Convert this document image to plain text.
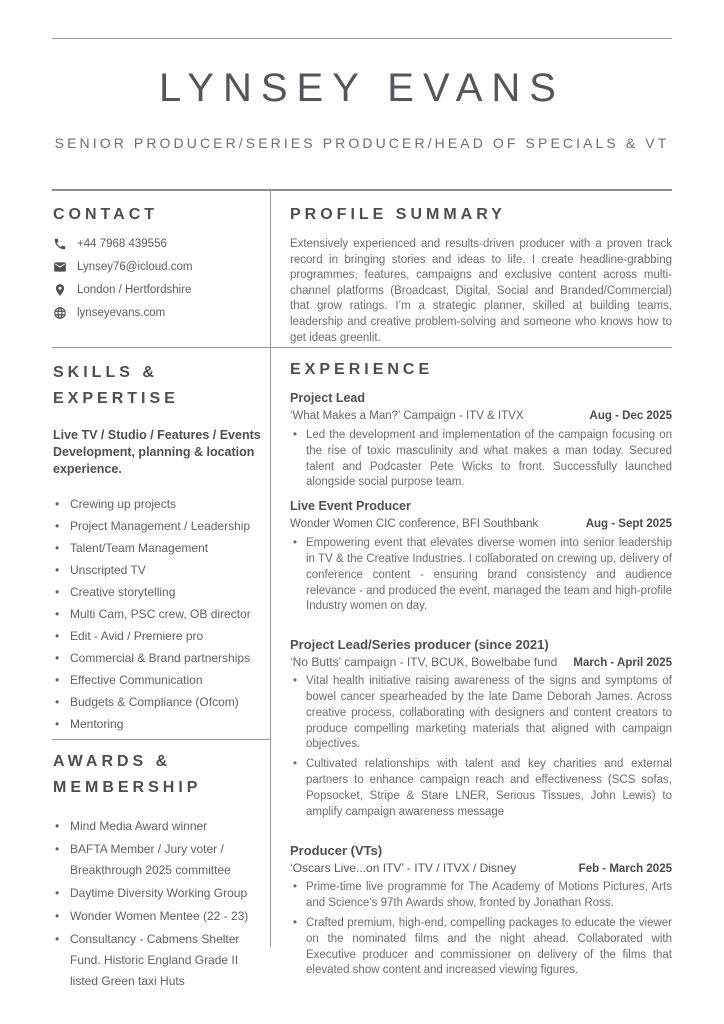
LYNSEY EVANS
SENIOR PRODUCER/SERIES PRODUCER/HEAD OF SPECIALS & VT
CONTACT
+44 7968 439556
Lynsey76@icloud.com
London / Hertfordshire
lynseyevans.com
SKILLS & EXPERTISE

Live TV / Studio / Features / Events Development, planning & location experience.

• Crewing up projects
• Project Management / Leadership
• Talent/Team Management
• Unscripted TV
• Creative storytelling
• Multi Cam, PSC crew, OB director
• Edit - Avid / Premiere pro
• Commercial & Brand partnerships
• Effective Communication
• Budgets & Compliance (Ofcom)
• Mentoring
AWARDS & MEMBERSHIP
• Mind Media Award winner
• BAFTA Member / Jury voter / Breakthrough 2025 committee
• Daytime Diversity Working Group
• Wonder Women Mentee (22 - 23)
• Consultancy - Cabmens Shelter Fund. Historic England Grade II listed Green taxi Huts
PROFILE SUMMARY

Extensively experienced and results-driven producer with a proven track record in bringing stories and ideas to life. I create headline-grabbing programmes, features, campaigns and exclusive content across multi-channel platforms (Broadcast, Digital, Social and Branded/Commercial) that grow ratings. I’m a strategic planner, skilled at building teams, leadership and creative problem-solving and someone who knows how to get ideas greenlit.

EXPERIENCE
Project Lead
‘What Makes a Man?’ Campaign - ITV & ITVX	Aug - Dec 2025
• Led the development and implementation of the campaign focusing on the rise of toxic masculinity and what makes a man today. Secured talent and Podcaster Pete Wicks to front. Successfully launched alongside social purpose team.
Live Event Producer
Wonder Women CIC conference, BFI Southbank	Aug - Sept 2025
• Empowering event that elevates diverse women into senior leadership in TV & the Creative Industries. I collaborated on crewing up, delivery of conference content - ensuring brand consistency and audience relevance - and produced the event, managed the team and high-profile Industry women on day.
Project Lead/Series producer (since 2021)
‘No Butts’ campaign - ITV, BCUK, Bowelbabe fund	March - April 2025
• Vital health initiative raising awareness of the signs and symptoms of bowel cancer spearheaded by the late Dame Deborah James. Across creative process, collaborating with designers and content creators to produce compelling marketing materials that aligned with campaign objectives.
• Cultivated relationships with talent and key charities and external partners to enhance campaign reach and effectiveness (SCS sofas, Popsocket, Stripe & Stare LNER, Serious Tissues, John Lewis) to amplify campaign awareness message
Producer (VTs)
‘Oscars Live...on ITV’ - ITV / ITVX / Disney	Feb - March 2025
• Prime-time live programme for The Academy of Motions Pictures, Arts and Science’s 97th Awards show, fronted by Jonathan Ross.
• Crafted premium, high-end, compelling packages to educate the viewer on the nominated films and the night ahead. Collaborated with Executive producer and commissioner on delivery of the films that elevated show content and increased viewing figures.
